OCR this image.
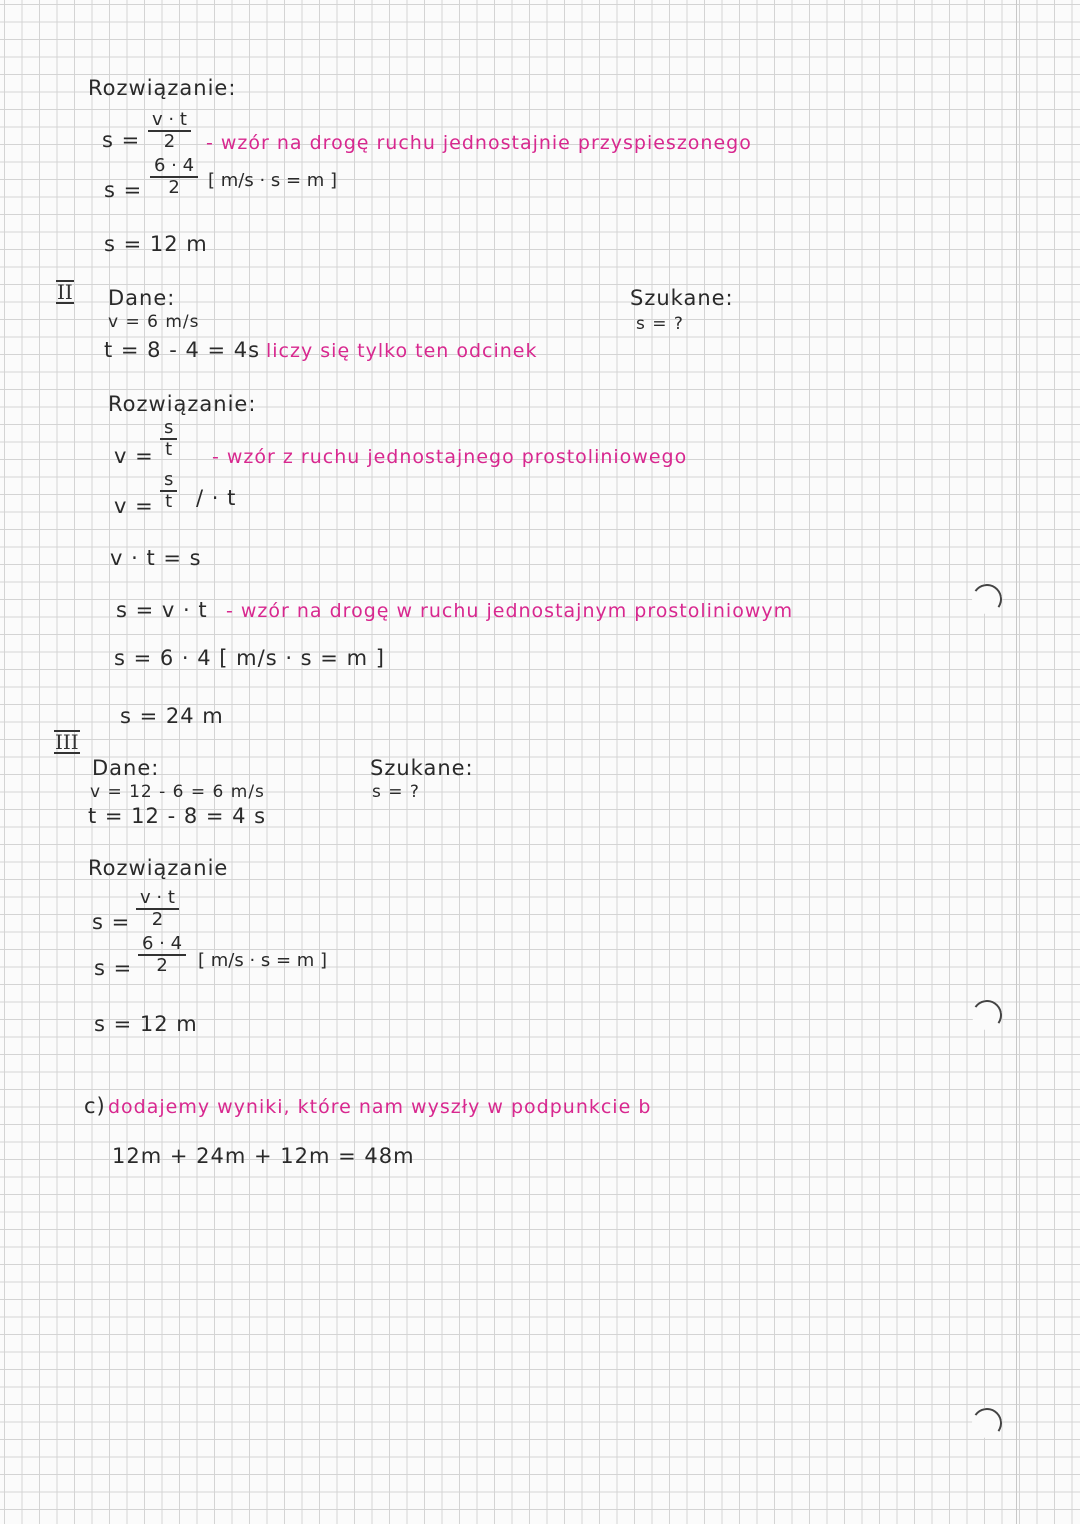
Rozwiązanie:
$s = \frac{v \cdot t}{2}$ - wzór na drogę ruchu jednostajnie przyspieszonego
$s = \frac{6 \cdot 4}{2}$ [ m/s · s = m ]
s = 12 m
II Dane:
v = 6 m/s
t = 8 - 4 = 4s liczy się tylko ten odcinek
Szukane:
s = ?
Rozwiązanie:
$v = \frac{s}{t}$ - wzór z ruchu jednostajnego prostoliniowego
$v = \frac{s}{t}$ / · t
v · t = s
s = v · t - wzór na drogę w ruchu jednostajnym prostoliniowym
s = 6 · 4 [ m/s · s = m ]
s = 24 m
III
Dane:
v = 12 - 6 = 6 m/s
t = 12 - 8 = 4 s
Szukane:
s = ?
Rozwiązanie
$s = \frac{v \cdot t}{2}$
$s = \frac{6 \cdot 4}{2}$ [ m/s · s = m ]
s = 12 m
c) dodajemy wyniki, które nam wyszły w podpunkcie b
12m + 24m + 12m = 48m
